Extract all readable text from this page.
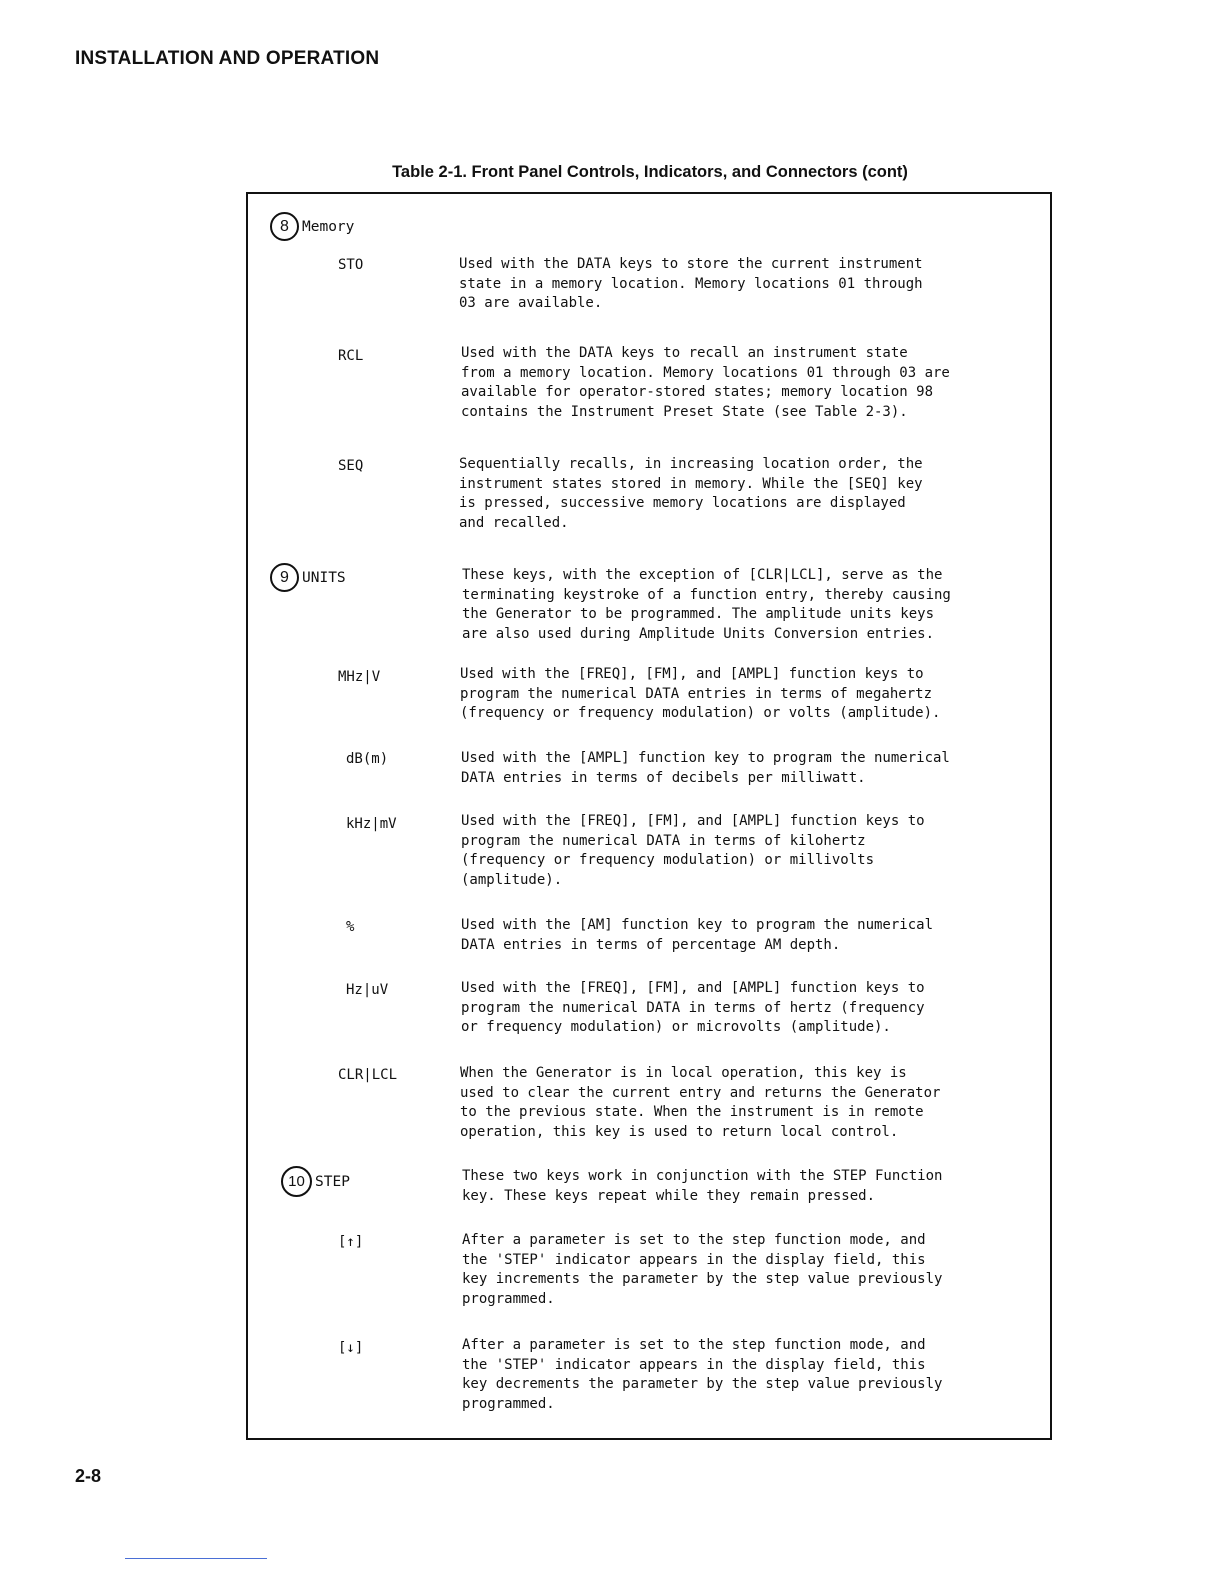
INSTALLATION AND OPERATION
Table 2-1. Front Panel Controls, Indicators, and Connectors (cont)
8 Memory
STO	Used with the DATA keys to store the current instrument
state in a memory location. Memory locations 01 through
03 are available.
RCL	Used with the DATA keys to recall an instrument state
from a memory location. Memory locations 01 through 03 are
available for operator-stored states; memory location 98
contains the Instrument Preset State (see Table 2-3).
SEQ	Sequentially recalls, in increasing location order, the
instrument states stored in memory. While the [SEQ] key
is pressed, successive memory locations are displayed
and recalled.
9 UNITS	These keys, with the exception of [CLR|LCL], serve as the
terminating keystroke of a function entry, thereby causing
the Generator to be programmed. The amplitude units keys
are also used during Amplitude Units Conversion entries.
MHz|V	Used with the [FREQ], [FM], and [AMPL] function keys to
program the numerical DATA entries in terms of megahertz
(frequency or frequency modulation) or volts (amplitude).
dB(m)	Used with the [AMPL] function key to program the numerical
DATA entries in terms of decibels per milliwatt.
kHz|mV	Used with the [FREQ], [FM], and [AMPL] function keys to
program the numerical DATA in terms of kilohertz
(frequency or frequency modulation) or millivolts
(amplitude).
%	Used with the [AM] function key to program the numerical
DATA entries in terms of percentage AM depth.
Hz|uV	Used with the [FREQ], [FM], and [AMPL] function keys to
program the numerical DATA in terms of hertz (frequency
or frequency modulation) or microvolts (amplitude).
CLR|LCL	When the Generator is in local operation, this key is
used to clear the current entry and returns the Generator
to the previous state. When the instrument is in remote
operation, this key is used to return local control.
10 STEP	These two keys work in conjunction with the STEP Function
key. These keys repeat while they remain pressed.
[↑]	After a parameter is set to the step function mode, and
the 'STEP' indicator appears in the display field, this
key increments the parameter by the step value previously
programmed.
[↓]	After a parameter is set to the step function mode, and
the 'STEP' indicator appears in the display field, this
key decrements the parameter by the step value previously
programmed.
2-8
